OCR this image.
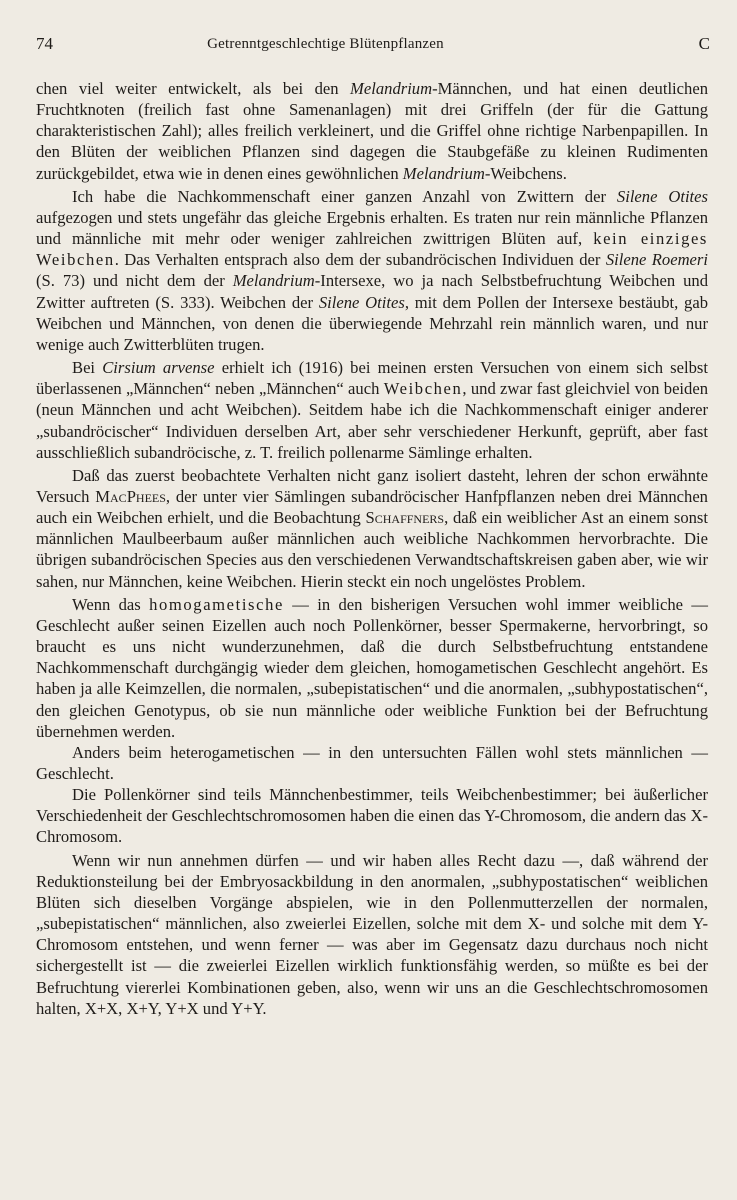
74	Getrenntgeschlechtige Blütenpflanzen	C

chen viel weiter entwickelt, als bei den Melandrium-Männchen, und hat einen deutlichen Fruchtknoten (freilich fast ohne Samenanlagen) mit drei Griffeln (der für die Gattung charakteristischen Zahl); alles freilich verkleinert, und die Griffel ohne richtige Narbenpapillen. In den Blüten der weiblichen Pflanzen sind dagegen die Staubgefäße zu kleinen Rudimenten zurückgebildet, etwa wie in denen eines gewöhnlichen Melandrium-Weibchens.

Ich habe die Nachkommenschaft einer ganzen Anzahl von Zwittern der Silene Otites aufgezogen und stets ungefähr das gleiche Ergebnis erhalten. Es traten nur rein männliche Pflanzen und männliche mit mehr oder weniger zahlreichen zwittrigen Blüten auf, kein einziges Weibchen. Das Verhalten entsprach also dem der subandröcischen Individuen der Silene Roemeri (S. 73) und nicht dem der Melandrium-Intersexe, wo ja nach Selbstbefruchtung Weibchen und Zwitter auftreten (S. 333). Weibchen der Silene Otites, mit dem Pollen der Intersexe bestäubt, gab Weibchen und Männchen, von denen die überwiegende Mehrzahl rein männlich waren, und nur wenige auch Zwitterblüten trugen.

Bei Cirsium arvense erhielt ich (1916) bei meinen ersten Versuchen von einem sich selbst überlassenen „Männchen“ neben „Männchen“ auch Weibchen, und zwar fast gleichviel von beiden (neun Männchen und acht Weibchen). Seitdem habe ich die Nachkommenschaft einiger anderer „subandröcischer“ Individuen derselben Art, aber sehr verschiedener Herkunft, geprüft, aber fast ausschließlich subandröcische, z. T. freilich pollenarme Sämlinge erhalten.

Daß das zuerst beobachtete Verhalten nicht ganz isoliert dasteht, lehren der schon erwähnte Versuch MacPhees, der unter vier Sämlingen subandröcischer Hanfpflanzen neben drei Männchen auch ein Weibchen erhielt, und die Beobachtung Schaffners, daß ein weiblicher Ast an einem sonst männlichen Maulbeerbaum außer männlichen auch weibliche Nachkommen hervorbrachte. Die übrigen subandröcischen Species aus den verschiedenen Verwandtschaftskreisen gaben aber, wie wir sahen, nur Männchen, keine Weibchen. Hierin steckt ein noch ungelöstes Problem.

Wenn das homogametische — in den bisherigen Versuchen wohl immer weibliche — Geschlecht außer seinen Eizellen auch noch Pollenkörner, besser Spermakerne, hervorbringt, so braucht es uns nicht wunderzunehmen, daß die durch Selbstbefruchtung entstandene Nachkommenschaft durchgängig wieder dem gleichen, homogametischen Geschlecht angehört. Es haben ja alle Keimzellen, die normalen, „subepistatischen“ und die anormalen, „subhypostatischen“, den gleichen Genotypus, ob sie nun männliche oder weibliche Funktion bei der Befruchtung übernehmen werden.

Anders beim heterogametischen — in den untersuchten Fällen wohl stets männlichen — Geschlecht.

Die Pollenkörner sind teils Männchenbestimmer, teils Weibchenbestimmer; bei äußerlicher Verschiedenheit der Geschlechtschromosomen haben die einen das Y-Chromosom, die andern das X-Chromosom.

Wenn wir nun annehmen dürfen — und wir haben alles Recht dazu —, daß während der Reduktionsteilung bei der Embryosackbildung in den anormalen, „subhypostatischen“ weiblichen Blüten sich dieselben Vorgänge abspielen, wie in den Pollenmutterzellen der normalen, „subepistatischen“ männlichen, also zweierlei Eizellen, solche mit dem X- und solche mit dem Y-Chromosom entstehen, und wenn ferner — was aber im Gegensatz dazu durchaus noch nicht sichergestellt ist — die zweierlei Eizellen wirklich funktionsfähig werden, so müßte es bei der Befruchtung viererlei Kombinationen geben, also, wenn wir uns an die Geschlechtschromosomen halten, X+X, X+Y, Y+X und Y+Y.
